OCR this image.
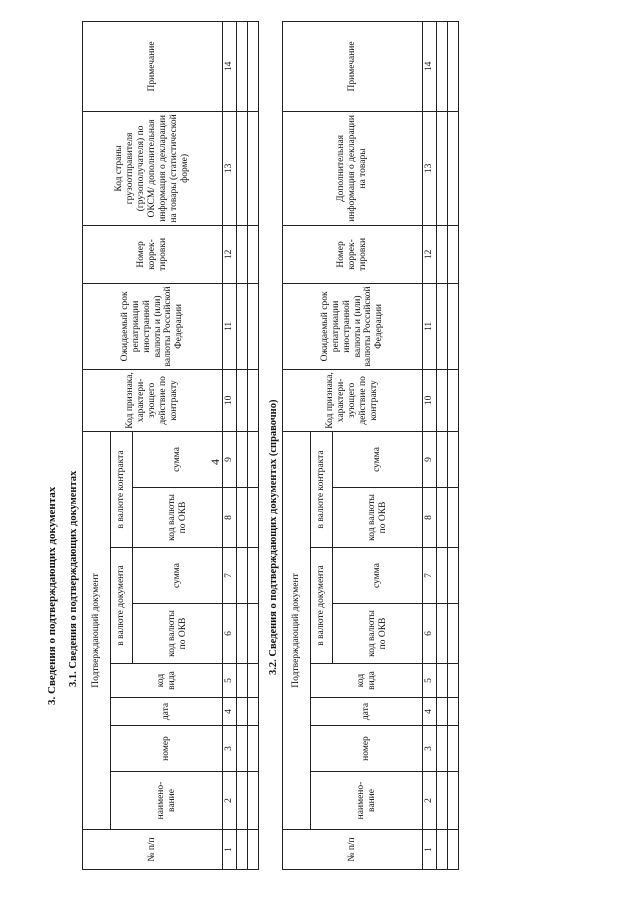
4
3. Сведения о подтверждающих документах 3.1. Сведения о подтверждающих документах
№ п/п	Подтверждающий документ								Код признака, характери-зующего действие по контракту	Ожидаемый срок репатриации иностранной валюты и (или) валюты Российской Федерации	Номер коррек-тировки	Код страны грузоотправителя (грузополучателя) по ОКСМ/ дополнительная информация о декларации на товары (статистической форме)	Примечание
	наимено-вание	номер	дата	код вида	в валюте документа		в валюте контракта						
					код валюты по ОКВ	сумма	код валюты по ОКВ	сумма					
1	2	3	4	5	6	7	8	9	10	11	12	13	14

3.2. Сведения о подтверждающих документах (справочно)
№ п/п	Подтверждающий документ								Код признака, характери-зующего действие по контракту	Ожидаемый срок репатриации иностранной валюты и (или) валюты Российской Федерации	Номер коррек-тировки	Дополнительная информация о декларации на товары	Примечание
	наимено-вание	номер	дата	код вида	в валюте документа		в валюте контракта						
					код валюты по ОКВ	сумма	код валюты по ОКВ	сумма					
1	2	3	4	5	6	7	8	9	10	11	12	13	14
